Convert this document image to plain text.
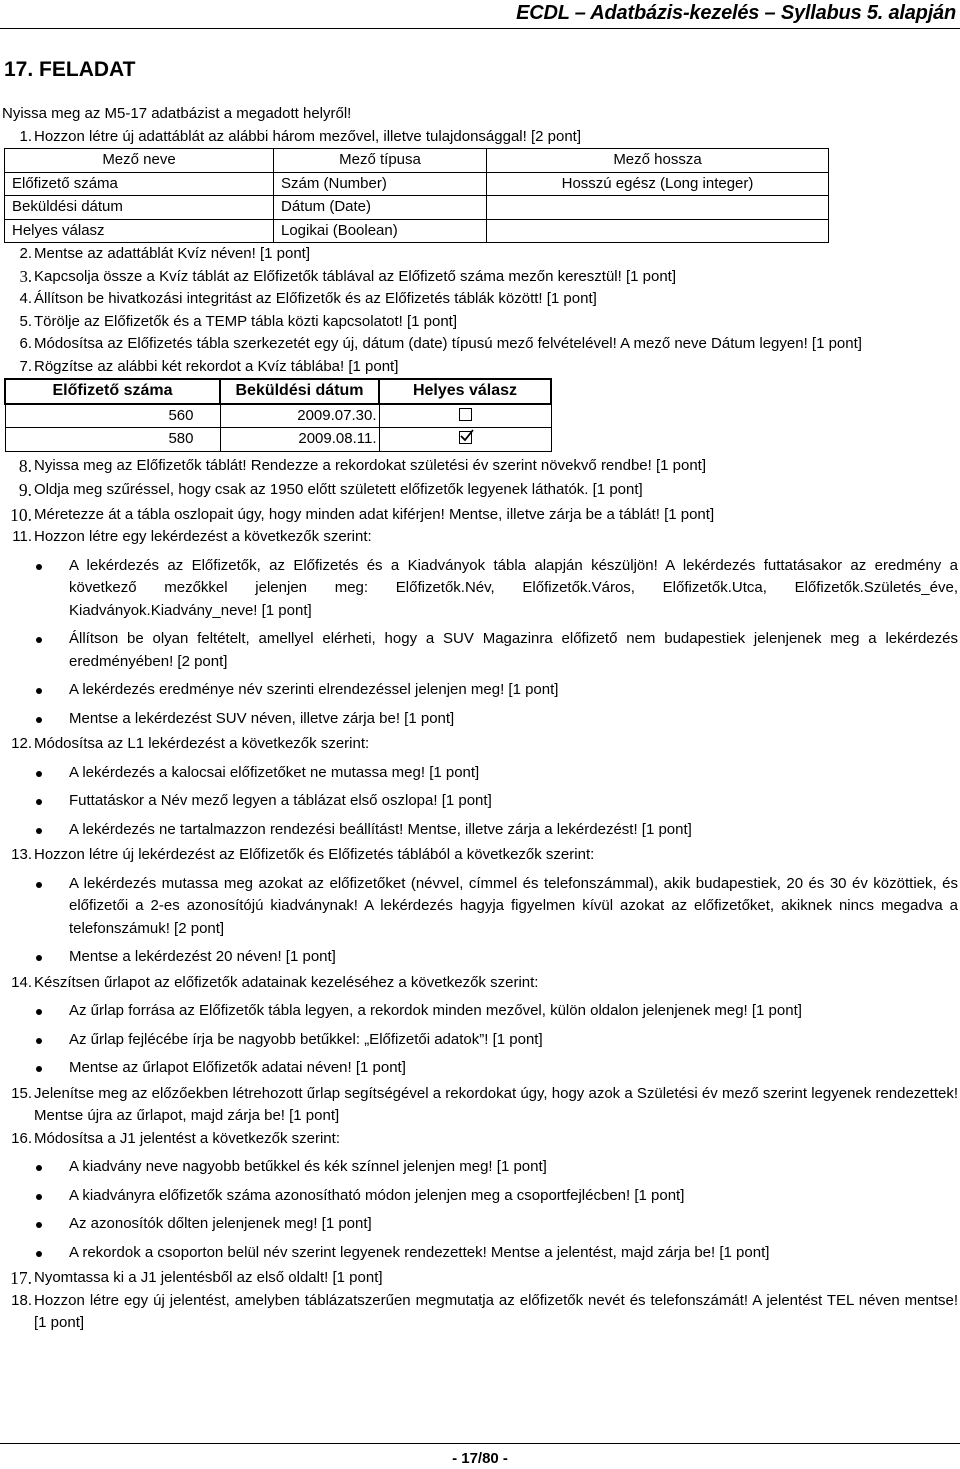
ECDL – Adatbázis-kezelés – Syllabus 5. alapján
17. FELADAT
Nyissa meg az M5-17 adatbázist a megadott helyről!
1. Hozzon létre új adattáblát az alábbi három mezővel, illetve tulajdonsággal! [2 pont]
Mező neve	Mező típusa	Mező hossza
Előfizető száma	Szám (Number)	Hosszú egész (Long integer)
Beküldési dátum	Dátum (Date)	
Helyes válasz	Logikai (Boolean)	
2. Mentse az adattáblát Kvíz néven! [1 pont]
3. Kapcsolja össze a Kvíz táblát az Előfizetők táblával az Előfizető száma mezőn keresztül! [1 pont]
4. Állítson be hivatkozási integritást az Előfizetők és az Előfizetés táblák között! [1 pont]
5. Törölje az Előfizetők és a TEMP tábla közti kapcsolatot! [1 pont]
6. Módosítsa az Előfizetés tábla szerkezetét egy új, dátum (date) típusú mező felvételével! A mező neve Dátum legyen! [1 pont]
7. Rögzítse az alábbi két rekordot a Kvíz táblába! [1 pont]
Előfizető száma	Beküldési dátum	Helyes válasz
560	2009.07.30.	
580	2009.08.11.	
8. Nyissa meg az Előfizetők táblát! Rendezze a rekordokat születési év szerint növekvő rendbe! [1 pont]
9. Oldja meg szűréssel, hogy csak az 1950 előtt született előfizetők legyenek láthatók. [1 pont]
10. Méretezze át a tábla oszlopait úgy, hogy minden adat kiférjen! Mentse, illetve zárja be a táblát! [1 pont]
11. Hozzon létre egy lekérdezést a következők szerint:
A lekérdezés az Előfizetők, az Előfizetés és a Kiadványok tábla alapján készüljön! A lekérdezés futtatásakor az eredmény a következő mezőkkel jelenjen meg: Előfizetők.Név, Előfizetők.Város, Előfizetők.Utca, Előfizetők.Születés_éve, Kiadványok.Kiadvány_neve! [1 pont]
Állítson be olyan feltételt, amellyel elérheti, hogy a SUV Magazinra előfizető nem budapestiek jelenjenek meg a lekérdezés eredményében! [2 pont]
A lekérdezés eredménye név szerinti elrendezéssel jelenjen meg! [1 pont]
Mentse a lekérdezést SUV néven, illetve zárja be! [1 pont]
12. Módosítsa az L1 lekérdezést a következők szerint:
A lekérdezés a kalocsai előfizetőket ne mutassa meg! [1 pont]
Futtatáskor a Név mező legyen a táblázat első oszlopa! [1 pont]
A lekérdezés ne tartalmazzon rendezési beállítást! Mentse, illetve zárja a lekérdezést! [1 pont]
13. Hozzon létre új lekérdezést az Előfizetők és Előfizetés táblából a következők szerint:
A lekérdezés mutassa meg azokat az előfizetőket (névvel, címmel és telefonszámmal), akik budapestiek, 20 és 30 év közöttiek, és előfizetői a 2-es azonosítójú kiadványnak! A lekérdezés hagyja figyelmen kívül azokat az előfizetőket, akiknek nincs megadva a telefonszámuk! [2 pont]
Mentse a lekérdezést 20 néven! [1 pont]
14. Készítsen űrlapot az előfizetők adatainak kezeléséhez a következők szerint:
Az űrlap forrása az Előfizetők tábla legyen, a rekordok minden mezővel, külön oldalon jelenjenek meg! [1 pont]
Az űrlap fejlécébe írja be nagyobb betűkkel: „Előfizetői adatok”! [1 pont]
Mentse az űrlapot Előfizetők adatai néven! [1 pont]
15. Jelenítse meg az előzőekben létrehozott űrlap segítségével a rekordokat úgy, hogy azok a Születési év mező szerint legyenek rendezettek! Mentse újra az űrlapot, majd zárja be! [1 pont]
16. Módosítsa a J1 jelentést a következők szerint:
A kiadvány neve nagyobb betűkkel és kék színnel jelenjen meg! [1 pont]
A kiadványra előfizetők száma azonosítható módon jelenjen meg a csoportfejlécben! [1 pont]
Az azonosítók dőlten jelenjenek meg! [1 pont]
A rekordok a csoporton belül név szerint legyenek rendezettek! Mentse a jelentést, majd zárja be! [1 pont]
17. Nyomtassa ki a J1 jelentésből az első oldalt! [1 pont]
18. Hozzon létre egy új jelentést, amelyben táblázatszerűen megmutatja az előfizetők nevét és telefonszámát! A jelentést TEL néven mentse! [1 pont]
- 17/80 -
